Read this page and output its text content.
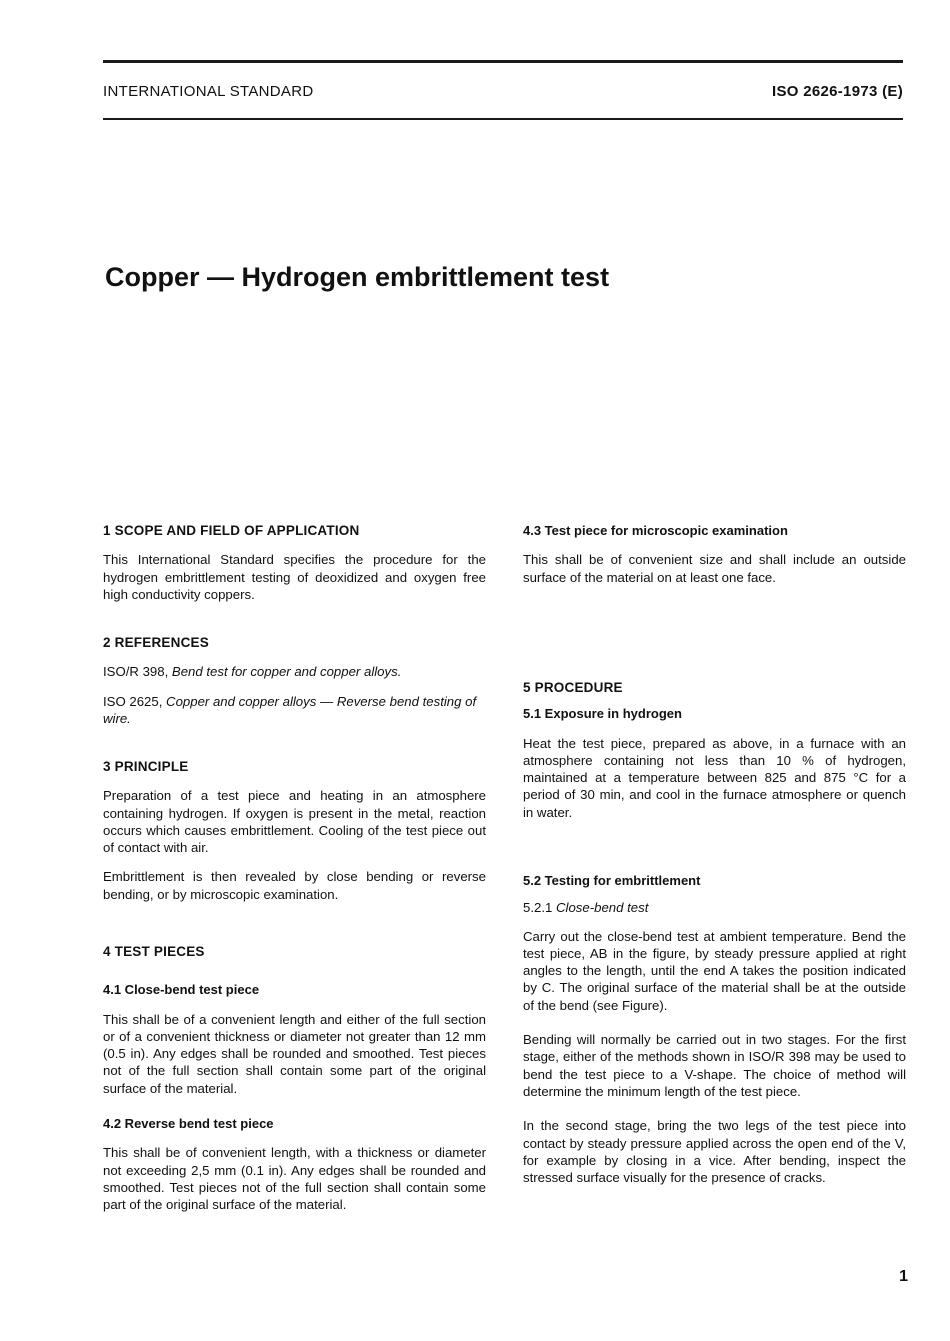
INTERNATIONAL STANDARD	ISO 2626-1973 (E)
Copper — Hydrogen embrittlement test
1 SCOPE AND FIELD OF APPLICATION

This International Standard specifies the procedure for the hydrogen embrittlement testing of deoxidized and oxygen free high conductivity coppers.

2 REFERENCES

ISO/R 398, Bend test for copper and copper alloys.

ISO 2625, Copper and copper alloys — Reverse bend testing of wire.

3 PRINCIPLE

Preparation of a test piece and heating in an atmosphere containing hydrogen. If oxygen is present in the metal, reaction occurs which causes embrittlement. Cooling of the test piece out of contact with air.

Embrittlement is then revealed by close bending or reverse bending, or by microscopic examination.

4 TEST PIECES
4.1 Close-bend test piece

This shall be of a convenient length and either of the full section or of a convenient thickness or diameter not greater than 12 mm (0.5 in). Any edges shall be rounded and smoothed. Test pieces not of the full section shall contain some part of the original surface of the material.

4.2 Reverse bend test piece

This shall be of convenient length, with a thickness or diameter not exceeding 2,5 mm (0.1 in). Any edges shall be rounded and smoothed. Test pieces not of the full section shall contain some part of the original surface of the material.

4.3 Test piece for microscopic examination

This shall be of convenient size and shall include an outside surface of the material on at least one face.

5 PROCEDURE
5.1 Exposure in hydrogen

Heat the test piece, prepared as above, in a furnace with an atmosphere containing not less than 10 % of hydrogen, maintained at a temperature between 825 and 875 °C for a period of 30 min, and cool in the furnace atmosphere or quench in water.

5.2 Testing for embrittlement
5.2.1 Close-bend test

Carry out the close-bend test at ambient temperature. Bend the test piece, AB in the figure, by steady pressure applied at right angles to the length, until the end A takes the position indicated by C. The original surface of the material shall be at the outside of the bend (see Figure).

Bending will normally be carried out in two stages. For the first stage, either of the methods shown in ISO/R 398 may be used to bend the test piece to a V-shape. The choice of method will determine the minimum length of the test piece.

In the second stage, bring the two legs of the test piece into contact by steady pressure applied across the open end of the V, for example by closing in a vice. After bending, inspect the stressed surface visually for the presence of cracks.

1
